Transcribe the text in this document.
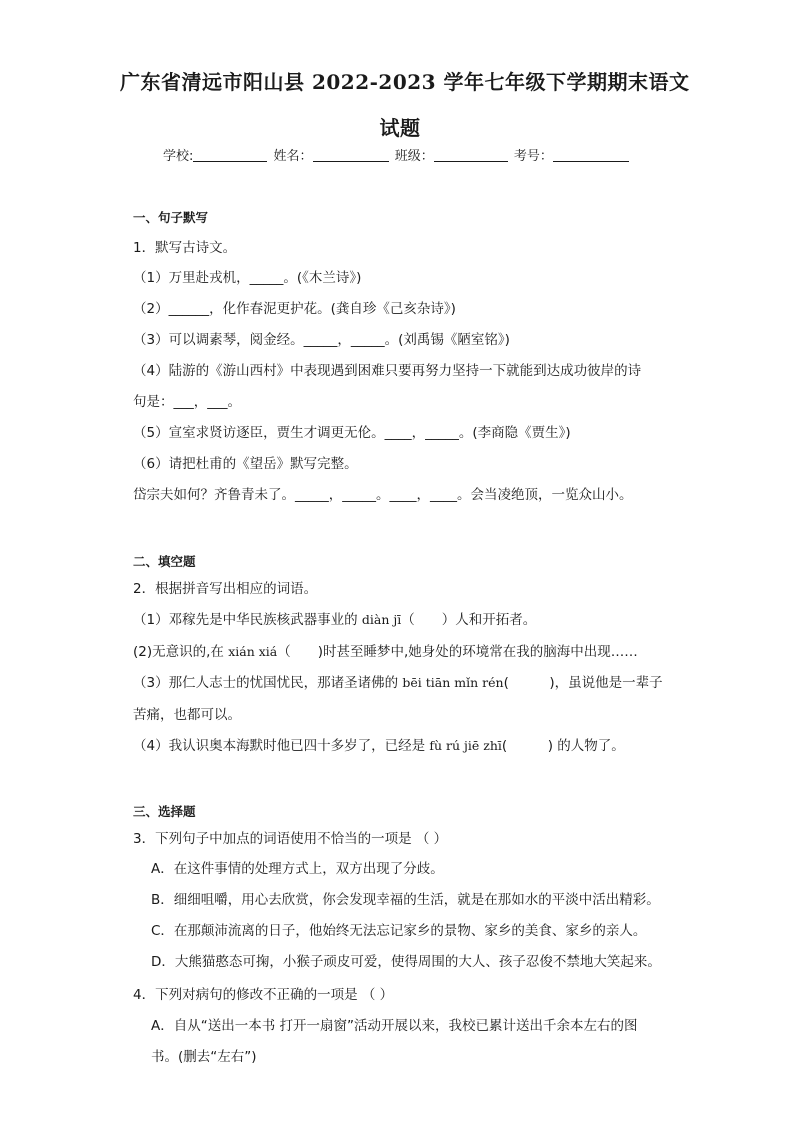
广东省清远市阳山县 2022-2023 学年七年级下学期期末语文
试题
学校:	姓名：	班级：	考号：
一、句子默写
1．默写古诗文。
（1）万里赴戎机，_____。(《木兰诗》)
（2）______，化作春泥更护花。(龚自珍《己亥杂诗》)
（3）可以调素琴，阅金经。_____，_____。(刘禹锡《陋室铭》)
（4）陆游的《游山西村》中表现遇到困难只要再努力坚持一下就能到达成功彼岸的诗
句是：___，___。
（5）宣室求贤访逐臣，贾生才调更无伦。____，_____。(李商隐《贾生》)
（6）请把杜甫的《望岳》默写完整。
岱宗夫如何？齐鲁青未了。_____，_____。____，____。会当凌绝顶，一览众山小。
二、填空题
2．根据拼音写出相应的词语。
（1）邓稼先是中华民族核武器事业的 diàn jī（　　）人和开拓者。
(2)无意识的,在 xián xiá（　　)时甚至睡梦中,她身处的环境常在我的脑海中出现……
（3）那仁人志士的忧国忧民，那诸圣诸佛的 bēi tiān mǐn rén(　　　)，虽说他是一辈子
苦痛，也都可以。
（4）我认识奥本海默时他已四十多岁了，已经是 fù rú jiē zhī(　　　) 的人物了。
三、选择题
3．下列句子中加点的词语使用不恰当的一项是 （ ）
A．在这件事情的处理方式上，双方出现了分歧。
B．细细咀嚼，用心去欣赏，你会发现幸福的生活，就是在那如水的平淡中活出精彩。
C．在那颠沛流离的日子，他始终无法忘记家乡的景物、家乡的美食、家乡的亲人。
D．大熊猫憨态可掬，小猴子顽皮可爱，使得周围的大人、孩子忍俊不禁地大笑起来。
4．下列对病句的修改不正确的一项是 （ ）
A．自从“送出一本书 打开一扇窗”活动开展以来，我校已累计送出千余本左右的图
书。(删去“左右”)
